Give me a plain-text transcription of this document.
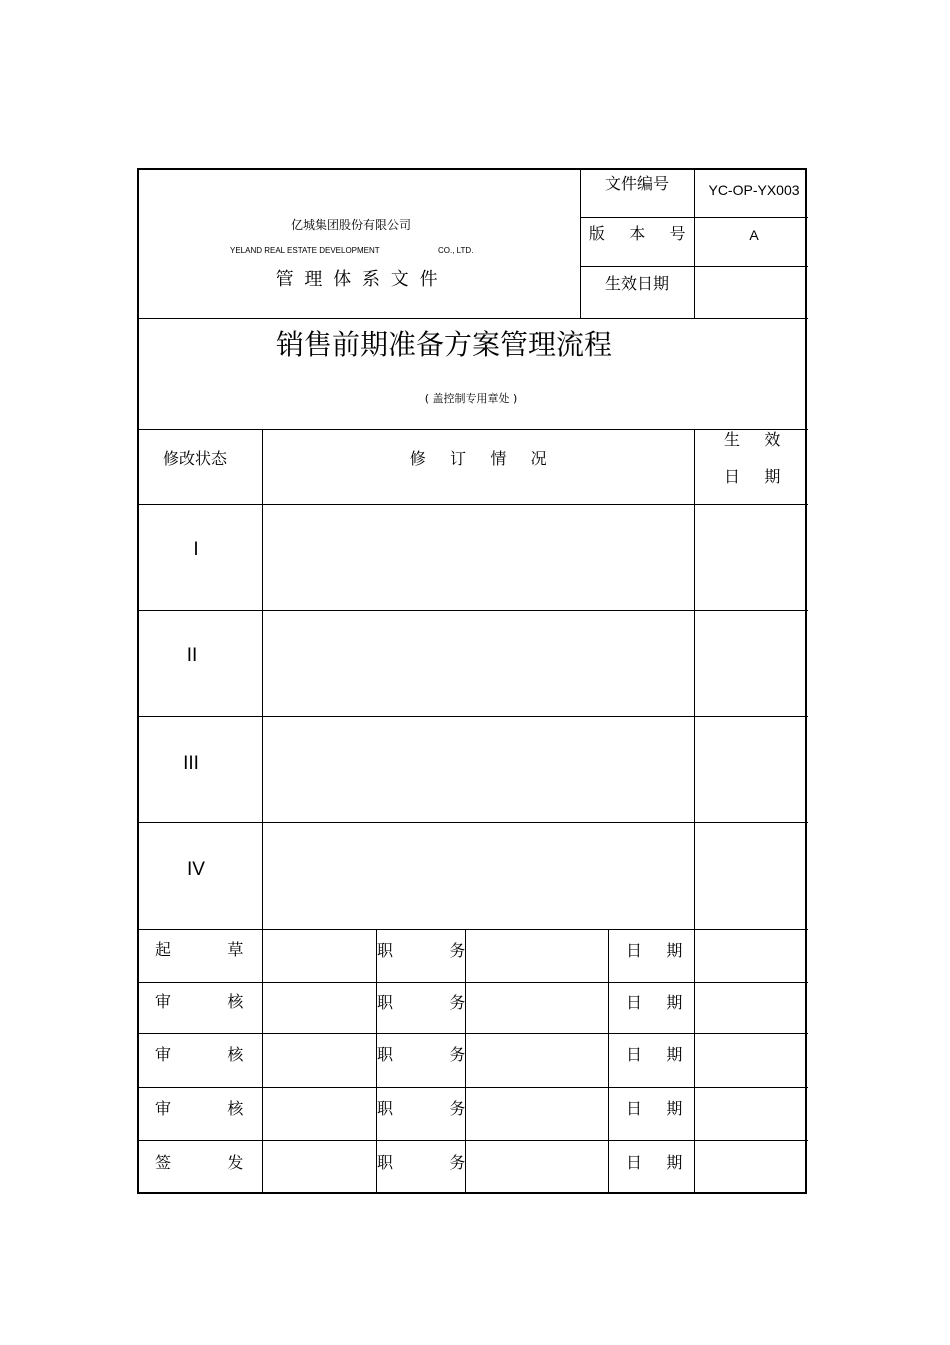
亿城集团股份有限公司
YELAND REAL ESTATE DEVELOPMENT	CO., LTD.
管理体系文件
文件编号	YC-OP-YX003
版 本 号	A
生效日期
销售前期准备方案管理流程
( 盖控制专用章处 )
修改状态	修 订 情 况
生 效
日 期
I
II
III
IV
起 草	职 务	日 期
审 核	职 务	日 期
审 核	职 务	日 期
审 核	职 务	日 期
签 发	职 务	日 期
